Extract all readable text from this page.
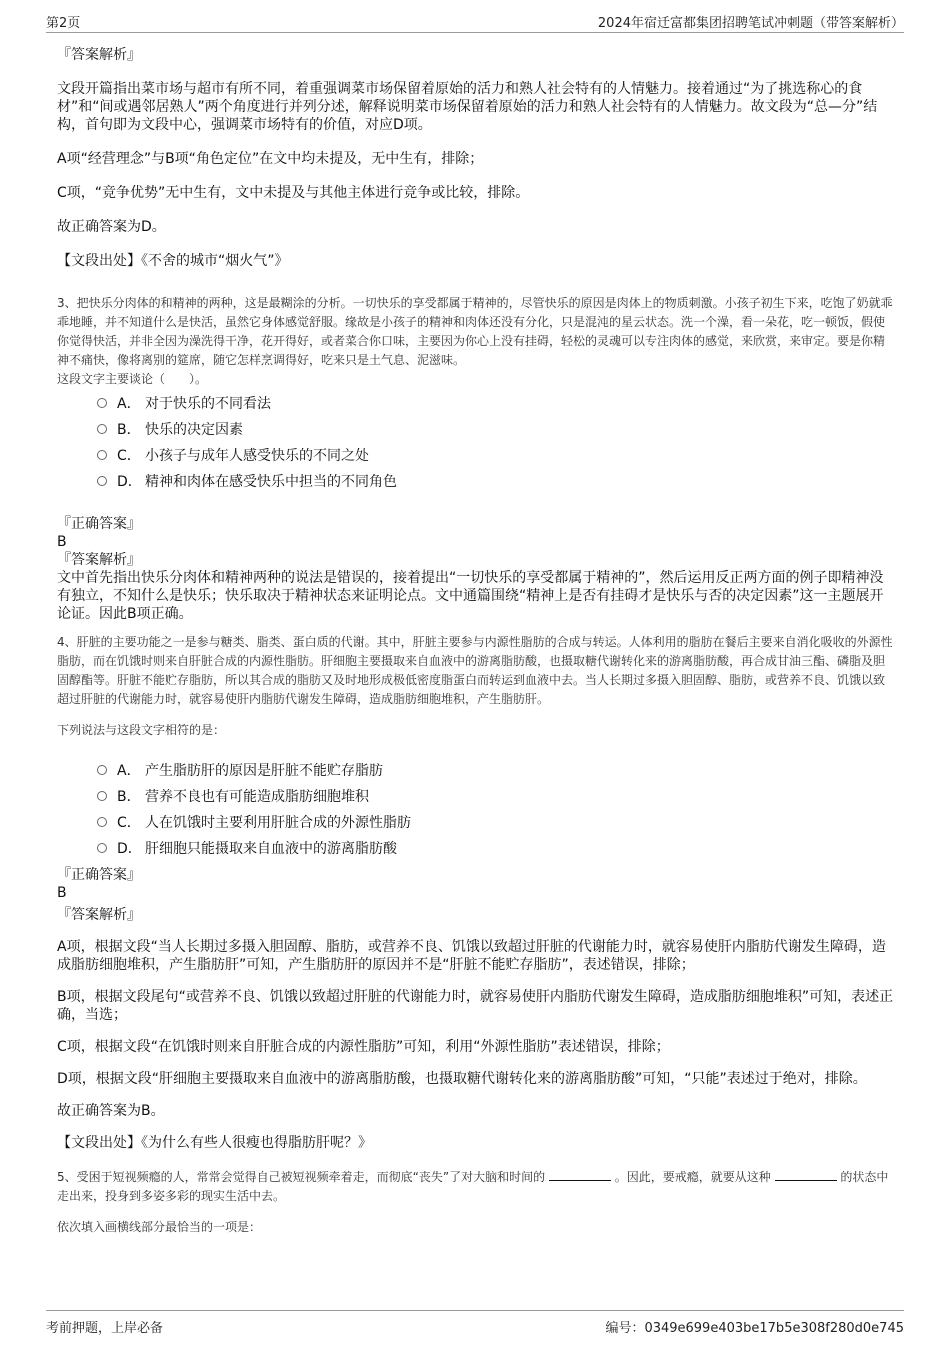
第2页	2024年宿迁富都集团招聘笔试冲刺题（带答案解析）
『答案解析』
文段开篇指出菜市场与超市有所不同，着重强调菜市场保留着原始的活力和熟人社会特有的人情魅力。接着通过“为了挑选称心的食材”和“间或遇邻居熟人”两个角度进行并列分述，解释说明菜市场保留着原始的活力和熟人社会特有的人情魅力。故文段为“总—分”结构，首句即为文段中心，强调菜市场特有的价值，对应D项。
A项“经营理念”与B项“角色定位”在文中均未提及，无中生有，排除；
C项，“竞争优势”无中生有，文中未提及与其他主体进行竞争或比较，排除。
故正确答案为D。
【文段出处】《不舍的城市“烟火气”》
3、把快乐分肉体的和精神的两种，这是最糊涂的分析。一切快乐的享受都属于精神的，尽管快乐的原因是肉体上的物质刺激。小孩子初生下来，吃饱了奶就乖乖地睡，并不知道什么是快活，虽然它身体感觉舒服。缘故是小孩子的精神和肉体还没有分化，只是混沌的星云状态。洗一个澡，看一朵花，吃一顿饭，假使你觉得快活，并非全因为澡洗得干净，花开得好，或者菜合你口味，主要因为你心上没有挂碍，轻松的灵魂可以专注肉体的感觉，来欣赏，来审定。要是你精神不痛快，像将离别的筵席，随它怎样烹调得好，吃来只是土气息、泥滋味。
这段文字主要谈论（　　）。
A． 对于快乐的不同看法
B． 快乐的决定因素
C． 小孩子与成年人感受快乐的不同之处
D． 精神和肉体在感受快乐中担当的不同角色
『正确答案』
B
『答案解析』
文中首先指出快乐分肉体和精神两种的说法是错误的，接着提出“一切快乐的享受都属于精神的”，然后运用反正两方面的例子即精神没有独立，不知什么是快乐；快乐取决于精神状态来证明论点。文中通篇围绕“精神上是否有挂碍才是快乐与否的决定因素”这一主题展开论证。因此B项正确。
4、肝脏的主要功能之一是参与糖类、脂类、蛋白质的代谢。其中，肝脏主要参与内源性脂肪的合成与转运。人体利用的脂肪在餐后主要来自消化吸收的外源性脂肪，而在饥饿时则来自肝脏合成的内源性脂肪。肝细胞主要摄取来自血液中的游离脂肪酸，也摄取糖代谢转化来的游离脂肪酸，再合成甘油三酯、磷脂及胆固醇酯等。肝脏不能贮存脂肪，所以其合成的脂肪又及时地形成极低密度脂蛋白而转运到血液中去。当人长期过多摄入胆固醇、脂肪，或营养不良、饥饿以致超过肝脏的代谢能力时，就容易使肝内脂肪代谢发生障碍，造成脂肪细胞堆积，产生脂肪肝。
下列说法与这段文字相符的是：
A． 产生脂肪肝的原因是肝脏不能贮存脂肪
B． 营养不良也有可能造成脂肪细胞堆积
C． 人在饥饿时主要利用肝脏合成的外源性脂肪
D． 肝细胞只能摄取来自血液中的游离脂肪酸
『正确答案』
B
『答案解析』
A项，根据文段“当人长期过多摄入胆固醇、脂肪，或营养不良、饥饿以致超过肝脏的代谢能力时，就容易使肝内脂肪代谢发生障碍，造成脂肪细胞堆积，产生脂肪肝”可知，产生脂肪肝的原因并不是“肝脏不能贮存脂肪”，表述错误，排除；
B项，根据文段尾句“或营养不良、饥饿以致超过肝脏的代谢能力时，就容易使肝内脂肪代谢发生障碍，造成脂肪细胞堆积”可知，表述正确，当选；
C项，根据文段“在饥饿时则来自肝脏合成的内源性脂肪”可知，利用“外源性脂肪”表述错误，排除；
D项，根据文段“肝细胞主要摄取来自血液中的游离脂肪酸，也摄取糖代谢转化来的游离脂肪酸”可知，“只能”表述过于绝对，排除。
故正确答案为B。
【文段出处】《为什么有些人很瘦也得脂肪肝呢？》
5、受困于短视频瘾的人，常常会觉得自己被短视频牵着走，而彻底“丧失”了对大脑和时间的	。因此，要戒瘾，就要从这种	的状态中走出来，投身到多姿多彩的现实生活中去。
依次填入画横线部分最恰当的一项是：
考前押题，上岸必备	编号：0349e699e403be17b5e308f280d0e745
